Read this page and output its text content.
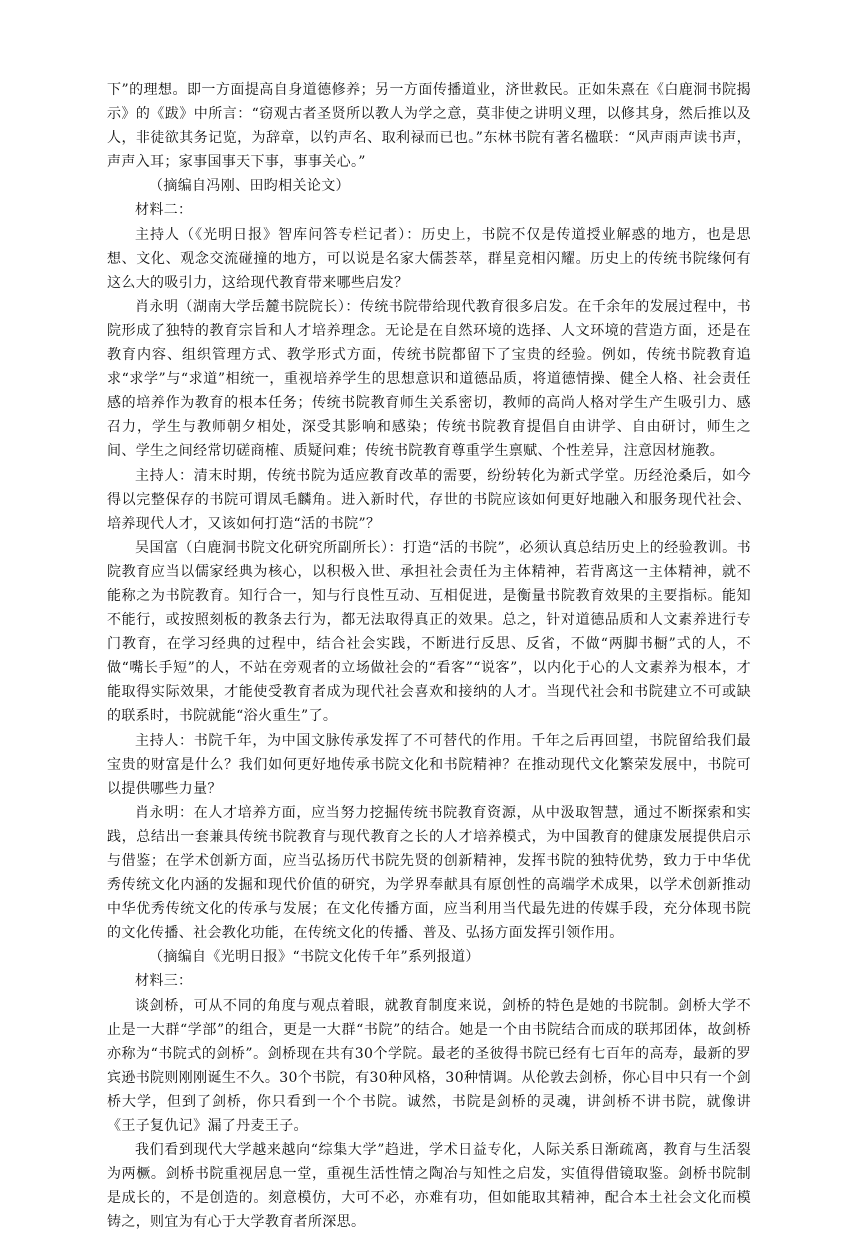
下”的理想。即一方面提高自身道德修养；另一方面传播道业，济世救民。正如朱熹在《白鹿洞书院揭示》的《跋》中所言：“窃观古者圣贤所以教人为学之意，莫非使之讲明义理，以修其身，然后推以及人，非徒欲其务记览，为辞章，以钓声名、取利禄而已也。”东林书院有著名楹联：“风声雨声读书声，声声入耳；家事国事天下事，事事关心。”

（摘编自冯刚、田昀相关论文）

材料二：

主持人（《光明日报》智库问答专栏记者）：历史上，书院不仅是传道授业解惑的地方，也是思想、文化、观念交流碰撞的地方，可以说是名家大儒荟萃，群星竞相闪耀。历史上的传统书院缘何有这么大的吸引力，这给现代教育带来哪些启发？

肖永明（湖南大学岳麓书院院长）：传统书院带给现代教育很多启发。在千余年的发展过程中，书院形成了独特的教育宗旨和人才培养理念。无论是在自然环境的选择、人文环境的营造方面，还是在教育内容、组织管理方式、教学形式方面，传统书院都留下了宝贵的经验。例如，传统书院教育追求“求学”与“求道”相统一，重视培养学生的思想意识和道德品质，将道德情操、健全人格、社会责任感的培养作为教育的根本任务；传统书院教育师生关系密切，教师的高尚人格对学生产生吸引力、感召力，学生与教师朝夕相处，深受其影响和感染；传统书院教育提倡自由讲学、自由研讨，师生之间、学生之间经常切磋商榷、质疑问难；传统书院教育尊重学生禀赋、个性差异，注意因材施教。

主持人：清末时期，传统书院为适应教育改革的需要，纷纷转化为新式学堂。历经沧桑后，如今得以完整保存的书院可谓凤毛麟角。进入新时代，存世的书院应该如何更好地融入和服务现代社会、培养现代人才，又该如何打造“活的书院”？

吴国富（白鹿洞书院文化研究所副所长）：打造“活的书院”，必须认真总结历史上的经验教训。书院教育应当以儒家经典为核心，以积极入世、承担社会责任为主体精神，若背离这一主体精神，就不能称之为书院教育。知行合一，知与行良性互动、互相促进，是衡量书院教育效果的主要指标。能知不能行，或按照刻板的教条去行为，都无法取得真正的效果。总之，针对道德品质和人文素养进行专门教育，在学习经典的过程中，结合社会实践，不断进行反思、反省，不做“两脚书橱”式的人，不做“嘴长手短”的人，不站在旁观者的立场做社会的“看客”“说客”，以内化于心的人文素养为根本，才能取得实际效果，才能使受教育者成为现代社会喜欢和接纳的人才。当现代社会和书院建立不可或缺的联系时，书院就能“浴火重生”了。

主持人：书院千年，为中国文脉传承发挥了不可替代的作用。千年之后再回望，书院留给我们最宝贵的财富是什么？我们如何更好地传承书院文化和书院精神？在推动现代文化繁荣发展中，书院可以提供哪些力量？

肖永明：在人才培养方面，应当努力挖掘传统书院教育资源，从中汲取智慧，通过不断探索和实践，总结出一套兼具传统书院教育与现代教育之长的人才培养模式，为中国教育的健康发展提供启示与借鉴；在学术创新方面，应当弘扬历代书院先贤的创新精神，发挥书院的独特优势，致力于中华优秀传统文化内涵的发掘和现代价值的研究，为学界奉献具有原创性的高端学术成果，以学术创新推动中华优秀传统文化的传承与发展；在文化传播方面，应当利用当代最先进的传媒手段，充分体现书院的文化传播、社会教化功能，在传统文化的传播、普及、弘扬方面发挥引领作用。

（摘编自《光明日报》“书院文化传千年”系列报道）

材料三：

谈剑桥，可从不同的角度与观点着眼，就教育制度来说，剑桥的特色是她的书院制。剑桥大学不止是一大群“学部”的组合，更是一大群“书院”的结合。她是一个由书院结合而成的联邦团体，故剑桥亦称为“书院式的剑桥”。剑桥现在共有30个学院。最老的圣彼得书院已经有七百年的高寿，最新的罗宾逊书院则刚刚诞生不久。30个书院，有30种风格，30种情调。从伦敦去剑桥，你心目中只有一个剑桥大学，但到了剑桥，你只看到一个个书院。诚然，书院是剑桥的灵魂，讲剑桥不讲书院，就像讲《王子复仇记》漏了丹麦王子。

我们看到现代大学越来越向“综集大学”趋进，学术日益专化，人际关系日渐疏离，教育与生活裂为两橛。剑桥书院重视居息一堂，重视生活性情之陶冶与知性之启发，实值得借镜取鉴。剑桥书院制是成长的，不是创造的。刻意模仿，大可不必，亦难有功，但如能取其精神，配合本土社会文化而模铸之，则宜为有心于大学教育者所深思。
